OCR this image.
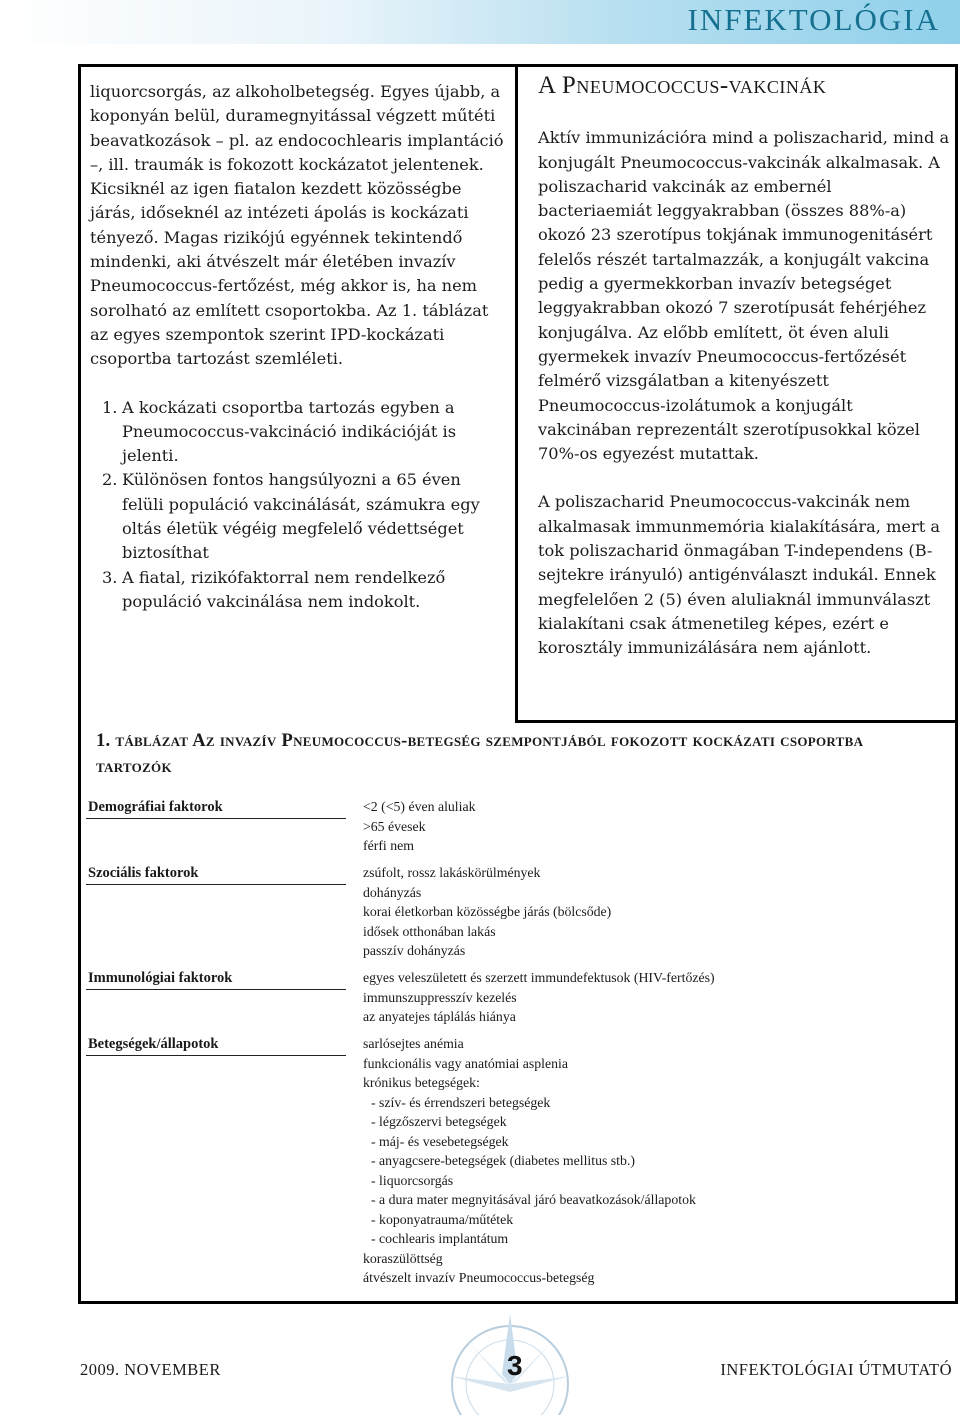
INFEKTOLÓGIA

liquorcsorgás, az alkoholbetegség. Egyes újabb, a koponyán belül, duramegnyitással végzett műtéti beavatkozások – pl. az endocochlearis implantáció –, ill. traumák is fokozott kockázatot jelentenek. Kicsiknél az igen fiatalon kezdett közösségbe járás, időseknél az intézeti ápolás is kockázati tényező. Magas rizikójú egyénnek tekintendő mindenki, aki átvészelt már életében invazív Pneumococcus-fertőzést, még akkor is, ha nem sorolható az említett csoportokba. Az 1. táblázat az egyes szempontok szerint IPD-kockázati csoportba tartozást szemléleti.

1. A kockázati csoportba tartozás egyben a Pneumococcus-vakcináció indikációját is jelenti.
2. Különösen fontos hangsúlyozni a 65 éven felüli populáció vakcinálását, számukra egy oltás életük végéig megfelelő védettséget biztosíthat
3. A fiatal, rizikófaktorral nem rendelkező populáció vakcinálása nem indokolt.
A Pneumococcus-vakcinák

Aktív immunizációra mind a poliszacharid, mind a konjugált Pneumococcus-vakcinák alkalmasak. A poliszacharid vakcinák az embernél bacteriaemiát leggyakrabban (összes 88%-a) okozó 23 szerotípus tokjának immunogenitásért felelős részét tartalmazzák, a konjugált vakcina pedig a gyermekkorban invazív betegséget leggyakrabban okozó 7 szerotípusát fehérjéhez konjugálva. Az előbb említett, öt éven aluli gyermekek invazív Pneumococcus-fertőzését felmérő vizsgálatban a kitenyészett Pneumococcus-izolátumok a konjugált vakcinában reprezentált szerotípusokkal közel 70%-os egyezést mutattak.

A poliszacharid Pneumococcus-vakcinák nem alkalmasak immunmemória kialakítására, mert a tok poliszacharid önmagában T-independens (B-sejtekre irányuló) antigénválaszt indukál. Ennek megfelelően 2 (5) éven aluliaknál immunválaszt kialakítani csak átmenetileg képes, ezért e korosztály immunizálására nem ajánlott.

1. táblázat Az invazív Pneumococcus-betegség szempontjából fokozott kockázati csoportba tartozók
Demográfiai faktorok	<2 (<5) éven aluliak
>65 évesek
férfi nem
Szociális faktorok	zsúfolt, rossz lakáskörülmények
dohányzás
korai életkorban közösségbe járás (bölcsőde)
idősek otthonában lakás
passzív dohányzás
Immunológiai faktorok	egyes veleszületett és szerzett immundefektusok (HIV-fertőzés)
immunszuppresszív kezelés
az anyatejes táplálás hiánya
Betegségek/állapotok	sarlósejtes anémia
funkcionális vagy anatómiai asplenia
krónikus betegségek:
- szív- és érrendszeri betegségek
- légzőszervi betegségek
- máj- és vesebetegségek
- anyagcsere-betegségek (diabetes mellitus stb.)
- liquorcsorgás
- a dura mater megnyitásával járó beavatkozások/állapotok
- koponyatrauma/műtétek
- cochlearis implantátum
koraszülöttség
átvészelt invazív Pneumococcus-betegség
2009. NOVEMBER	3	INFEKTOLÓGIAI ÚTMUTATÓ
